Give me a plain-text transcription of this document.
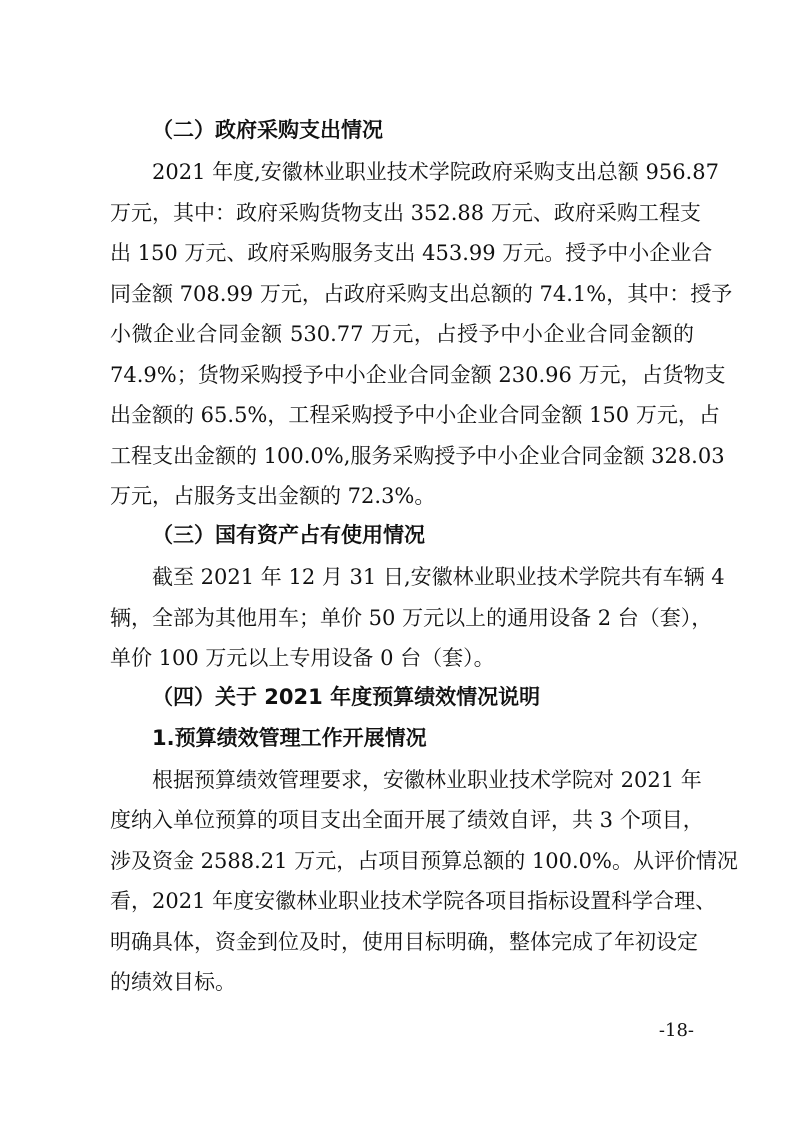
（二）政府采购支出情况
2021 年度,安徽林业职业技术学院政府采购支出总额 956.87
万元，其中：政府采购货物支出 352.88 万元、政府采购工程支
出 150 万元、政府采购服务支出 453.99 万元。授予中小企业合
同金额 708.99 万元，占政府采购支出总额的 74.1%，其中：授予
小微企业合同金额 530.77 万元，占授予中小企业合同金额的
74.9%；货物采购授予中小企业合同金额 230.96 万元，占货物支
出金额的 65.5%，工程采购授予中小企业合同金额 150 万元，占
工程支出金额的 100.0%,服务采购授予中小企业合同金额 328.03
万元，占服务支出金额的 72.3%。
（三）国有资产占有使用情况
截至 2021 年 12 月 31 日,安徽林业职业技术学院共有车辆 4
辆，全部为其他用车；单价 50 万元以上的通用设备 2 台（套），
单价 100 万元以上专用设备 0 台（套）。
（四）关于 2021 年度预算绩效情况说明
1.预算绩效管理工作开展情况
根据预算绩效管理要求，安徽林业职业技术学院对 2021 年
度纳入单位预算的项目支出全面开展了绩效自评，共 3 个项目，
涉及资金 2588.21 万元，占项目预算总额的 100.0%。从评价情况
看，2021 年度安徽林业职业技术学院各项目指标设置科学合理、
明确具体，资金到位及时，使用目标明确，整体完成了年初设定
的绩效目标。
-18-
